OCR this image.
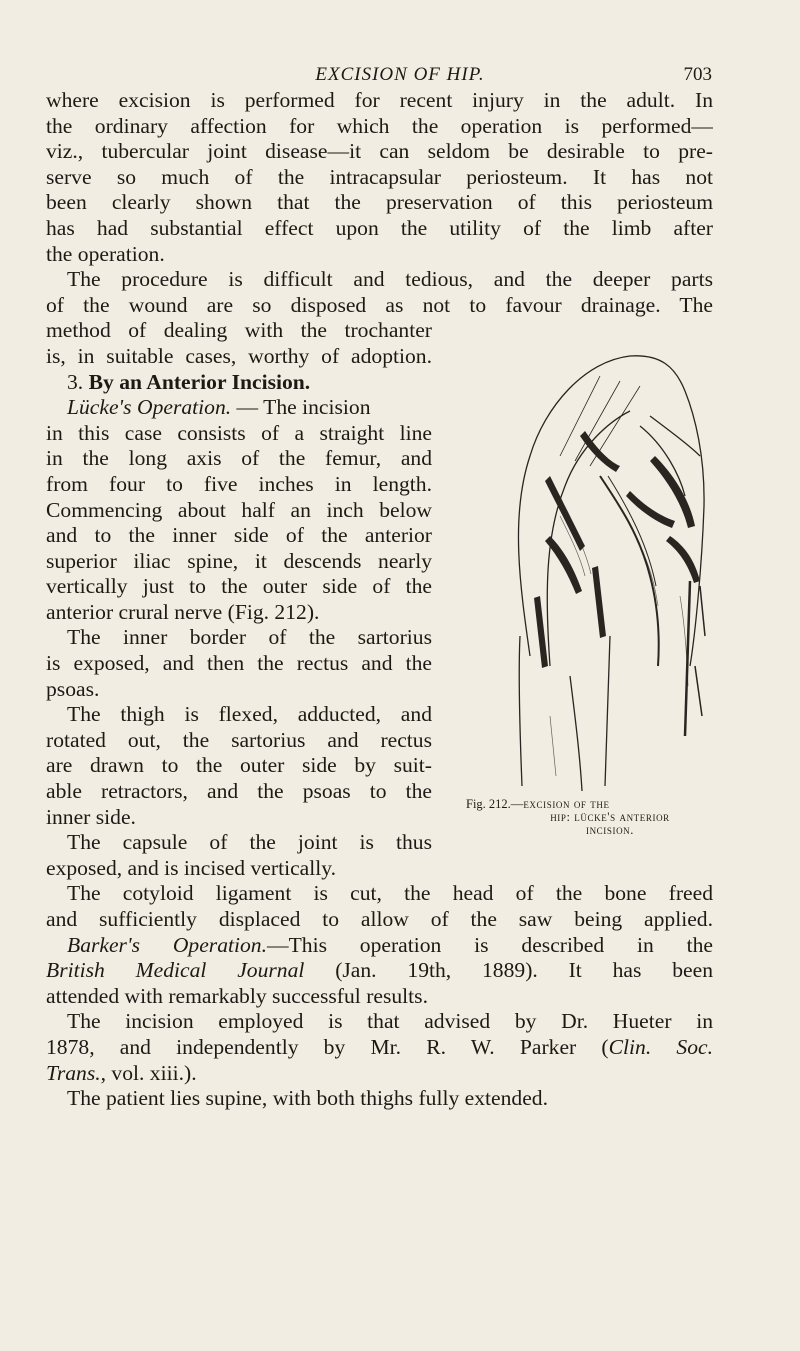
EXCISION OF HIP.	703
where excision is performed for recent injury in the adult. In
the ordinary affection for which the operation is performed—
viz., tubercular joint disease—it can seldom be desirable to pre-
serve so much of the intracapsular periosteum. It has not
been clearly shown that the preservation of this periosteum
has had substantial effect upon the utility of the limb after
the operation.
The procedure is difficult and tedious, and the deeper parts
of the wound are so disposed as not to favour drainage. The
method of dealing with the trochanter
is, in suitable cases, worthy of adoption.
3. By an Anterior Incision.
Lücke's Operation. — The incision
in this case consists of a straight line
in the long axis of the femur, and
from four to five inches in length.
Commencing about half an inch below
and to the inner side of the anterior
superior iliac spine, it descends nearly
vertically just to the outer side of the
anterior crural nerve (Fig. 212).
The inner border of the sartorius
is exposed, and then the rectus and the
psoas.
The thigh is flexed, adducted, and
rotated out, the sartorius and rectus
are drawn to the outer side by suit-
able retractors, and the psoas to the
inner side.
The capsule of the joint is thus
exposed, and is incised vertically.
The cotyloid ligament is cut, the head of the bone freed
and sufficiently displaced to allow of the saw being applied.
Barker's Operation.—This operation is described in the
British Medical Journal (Jan. 19th, 1889). It has been
attended with remarkably successful results.
The incision employed is that advised by Dr. Hueter in
1878, and independently by Mr. R. W. Parker (Clin. Soc.
Trans., vol. xiii.).
The patient lies supine, with both thighs fully extended.
Fig. 212.—excision of the
hip: lücke's anterior
incision.
